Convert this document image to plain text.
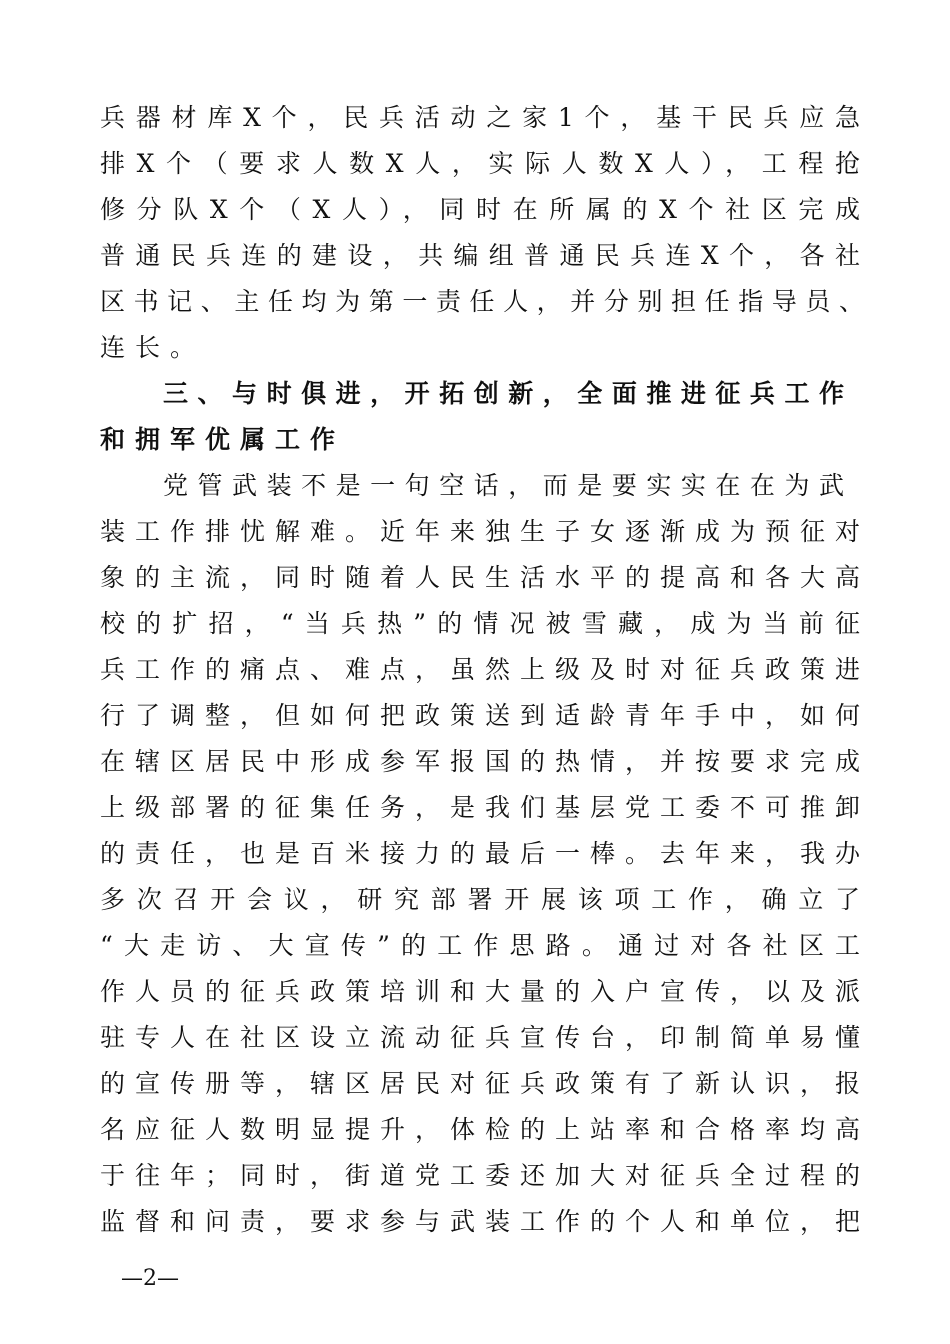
兵器材库X个，民兵活动之家1个，基干民兵应急
排X个（要求人数X人，实际人数X人），工程抢
修分队X个（X人），同时在所属的X个社区完成
普通民兵连的建设，共编组普通民兵连X个，各社
区书记、主任均为第一责任人，并分别担任指导员、
连长。
三、与时俱进，开拓创新，全面推进征兵工作
和拥军优属工作
党管武装不是一句空话，而是要实实在在为武
装工作排忧解难。近年来独生子女逐渐成为预征对
象的主流，同时随着人民生活水平的提高和各大高
校的扩招，“当兵热”的情况被雪藏，成为当前征
兵工作的痛点、难点，虽然上级及时对征兵政策进
行了调整，但如何把政策送到适龄青年手中，如何
在辖区居民中形成参军报国的热情，并按要求完成
上级部署的征集任务，是我们基层党工委不可推卸
的责任，也是百米接力的最后一棒。去年来，我办
多次召开会议，研究部署开展该项工作，确立了
“大走访、大宣传”的工作思路。通过对各社区工
作人员的征兵政策培训和大量的入户宣传，以及派
驻专人在社区设立流动征兵宣传台，印制简单易懂
的宣传册等，辖区居民对征兵政策有了新认识，报
名应征人数明显提升，体检的上站率和合格率均高
于往年；同时，街道党工委还加大对征兵全过程的
监督和问责，要求参与武装工作的个人和单位，把
—2—
